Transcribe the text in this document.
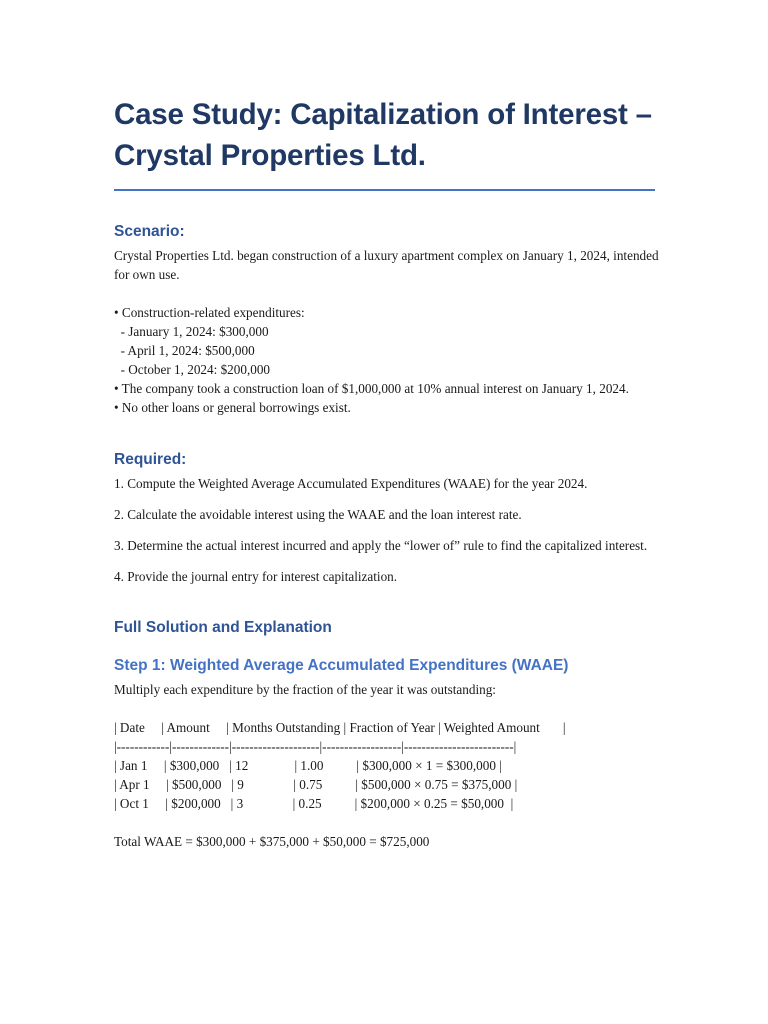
Case Study: Capitalization of Interest –
Crystal Properties Ltd.
Scenario:

Crystal Properties Ltd. began construction of a luxury apartment complex on January 1, 2024, intended for own use.

• Construction-related expenditures:

- January 1, 2024: $300,000

- April 1, 2024: $500,000

- October 1, 2024: $200,000

• The company took a construction loan of $1,000,000 at 10% annual interest on January 1, 2024.

• No other loans or general borrowings exist.

Required:

1. Compute the Weighted Average Accumulated Expenditures (WAAE) for the year 2024.

2. Calculate the avoidable interest using the WAAE and the loan interest rate.

3. Determine the actual interest incurred and apply the “lower of” rule to find the capitalized interest.

4. Provide the journal entry for interest capitalization.

Full Solution and Explanation
Step 1: Weighted Average Accumulated Expenditures (WAAE)

Multiply each expenditure by the fraction of the year it was outstanding:

| Date     | Amount     | Months Outstanding | Fraction of Year | Weighted Amount       |

|------------|-------------|--------------------|------------------|-------------------------|

| Jan 1     | $300,000   | 12              | 1.00          | $300,000 × 1 = $300,000 |

| Apr 1     | $500,000   | 9               | 0.75          | $500,000 × 0.75 = $375,000 |

| Oct 1     | $200,000   | 3               | 0.25          | $200,000 × 0.25 = $50,000  |

Total WAAE = $300,000 + $375,000 + $50,000 = $725,000
